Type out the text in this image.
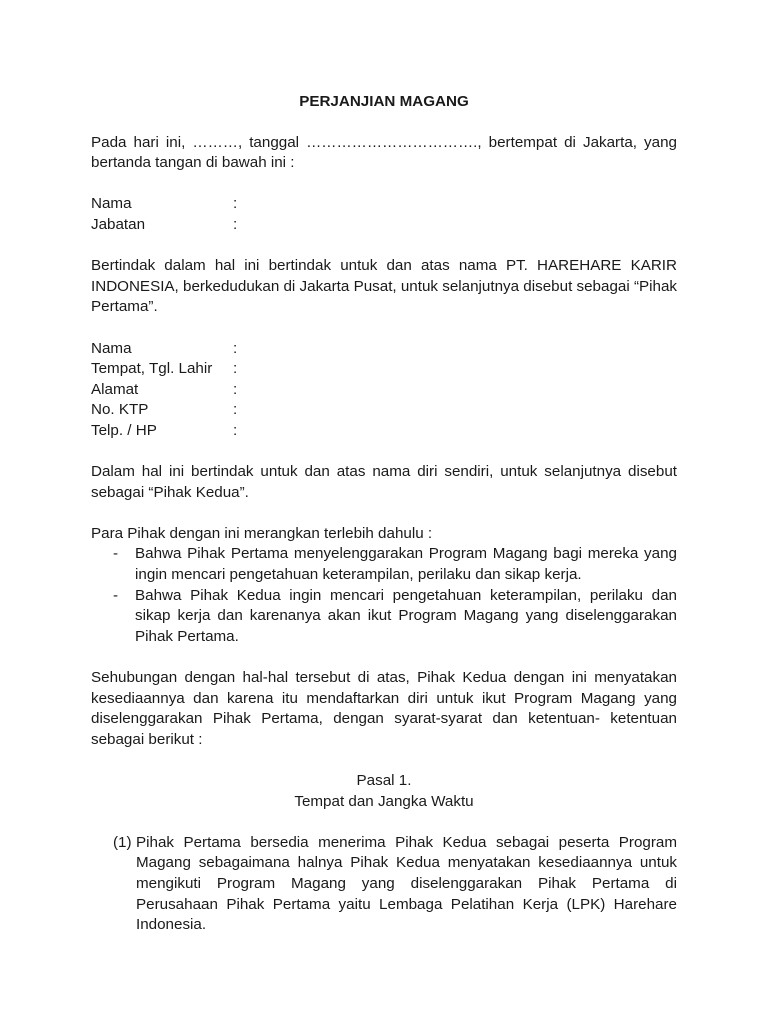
PERJANJIAN MAGANG

Pada hari ini, ………, tanggal ……………………………., bertempat di Jakarta, yang bertanda tangan di bawah ini :

Nama	:
Jabatan	:

Bertindak dalam hal ini bertindak untuk dan atas nama PT. HAREHARE KARIR INDONESIA, berkedudukan di Jakarta Pusat, untuk selanjutnya disebut sebagai “Pihak Pertama”.

Nama	:
Tempat, Tgl. Lahir	:
Alamat	:
No. KTP	:
Telp. / HP	:

Dalam hal ini bertindak untuk dan atas nama diri sendiri, untuk selanjutnya disebut sebagai “Pihak Kedua”.

Para Pihak dengan ini merangkan terlebih dahulu :

-	Bahwa Pihak Pertama menyelenggarakan Program Magang bagi mereka yang ingin mencari pengetahuan keterampilan, perilaku dan sikap kerja.
-	Bahwa Pihak Kedua ingin mencari pengetahuan keterampilan, perilaku dan sikap kerja dan karenanya akan ikut Program Magang yang diselenggarakan Pihak Pertama.

Sehubungan dengan hal-hal tersebut di atas, Pihak Kedua dengan ini menyatakan kesediaannya dan karena itu mendaftarkan diri untuk ikut Program Magang yang diselenggarakan Pihak Pertama, dengan syarat-syarat dan ketentuan- ketentuan sebagai berikut :

Pasal 1.

Tempat dan Jangka Waktu

(1) Pihak Pertama bersedia menerima Pihak Kedua sebagai peserta Program Magang sebagaimana halnya Pihak Kedua menyatakan kesediaannya untuk mengikuti Program Magang yang diselenggarakan Pihak Pertama di Perusahaan Pihak Pertama yaitu Lembaga Pelatihan Kerja (LPK) Harehare Indonesia.
